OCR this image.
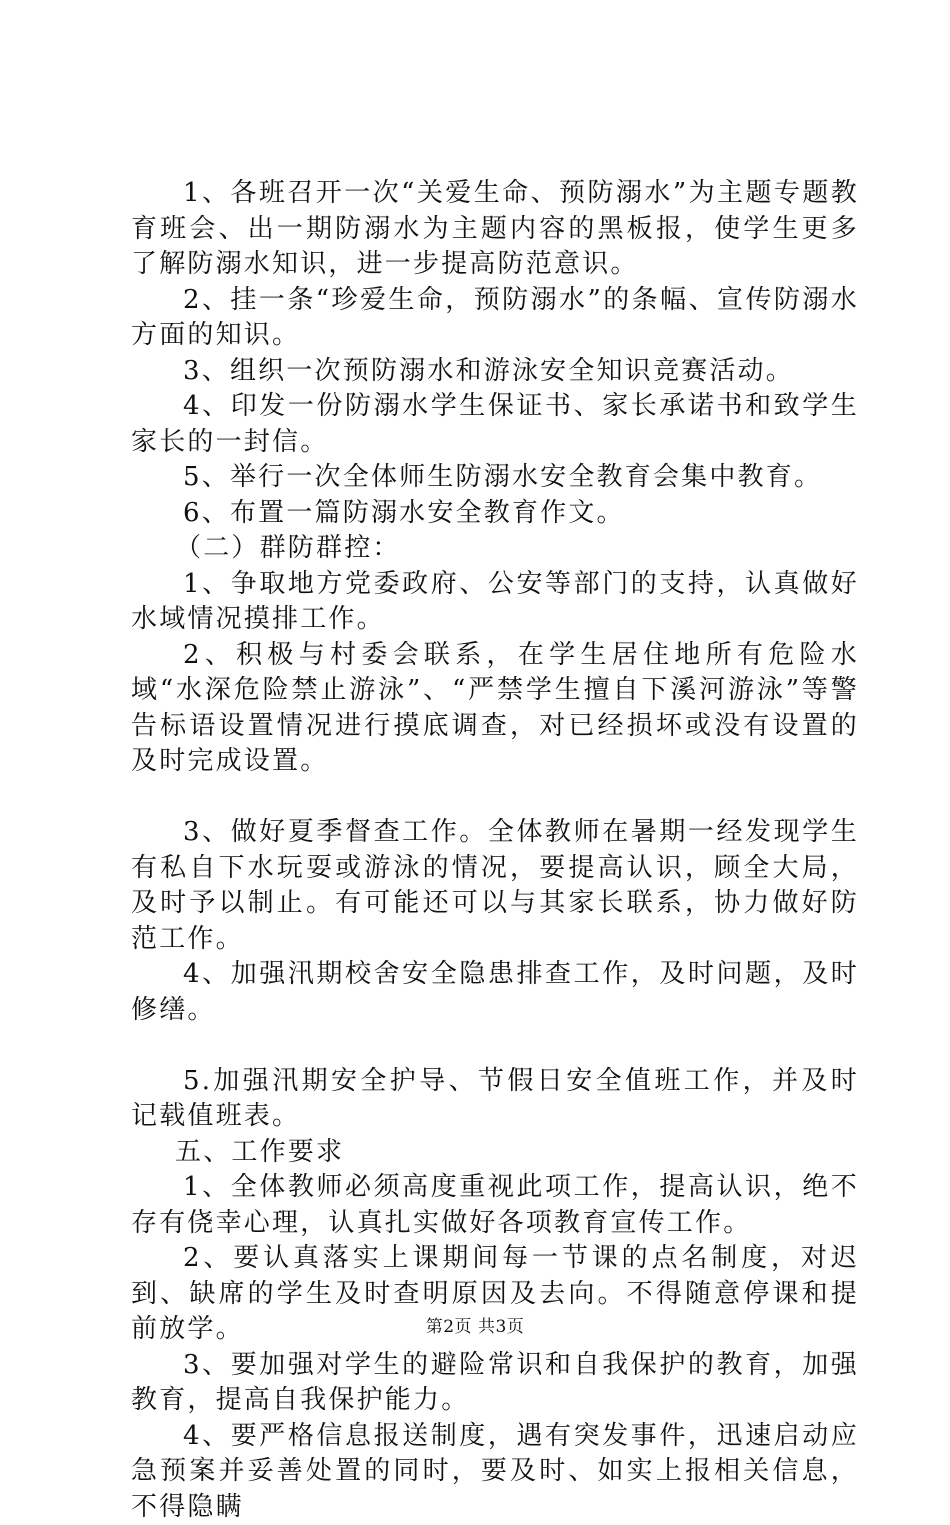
1、各班召开一次“关爱生命、预防溺水”为主题专题教育班会、出一期防溺水为主题内容的黑板报，使学生更多了解防溺水知识，进一步提高防范意识。

2、挂一条“珍爱生命，预防溺水”的条幅、宣传防溺水方面的知识。

3、组织一次预防溺水和游泳安全知识竞赛活动。

4、印发一份防溺水学生保证书、家长承诺书和致学生家长的一封信。

5、举行一次全体师生防溺水安全教育会集中教育。

6、布置一篇防溺水安全教育作文。

（二）群防群控：

1、争取地方党委政府、公安等部门的支持，认真做好水域情况摸排工作。

2、积极与村委会联系，在学生居住地所有危险水域“水深危险禁止游泳”、“严禁学生擅自下溪河游泳”等警告标语设置情况进行摸底调查，对已经损坏或没有设置的及时完成设置。

3、做好夏季督查工作。全体教师在暑期一经发现学生有私自下水玩耍或游泳的情况，要提高认识，顾全大局，及时予以制止。有可能还可以与其家长联系，协力做好防范工作。

4、加强汛期校舍安全隐患排查工作，及时问题，及时修缮。

5.加强汛期安全护导、节假日安全值班工作，并及时记载值班表。

五、工作要求

1、全体教师必须高度重视此项工作，提高认识，绝不存有侥幸心理，认真扎实做好各项教育宣传工作。

2、要认真落实上课期间每一节课的点名制度，对迟到、缺席的学生及时查明原因及去向。不得随意停课和提前放学。

3、要加强对学生的避险常识和自我保护的教育，加强教育，提高自我保护能力。

4、要严格信息报送制度，遇有突发事件，迅速启动应急预案并妥善处置的同时，要及时、如实上报相关信息，不得隐瞒

第2页 共3页
